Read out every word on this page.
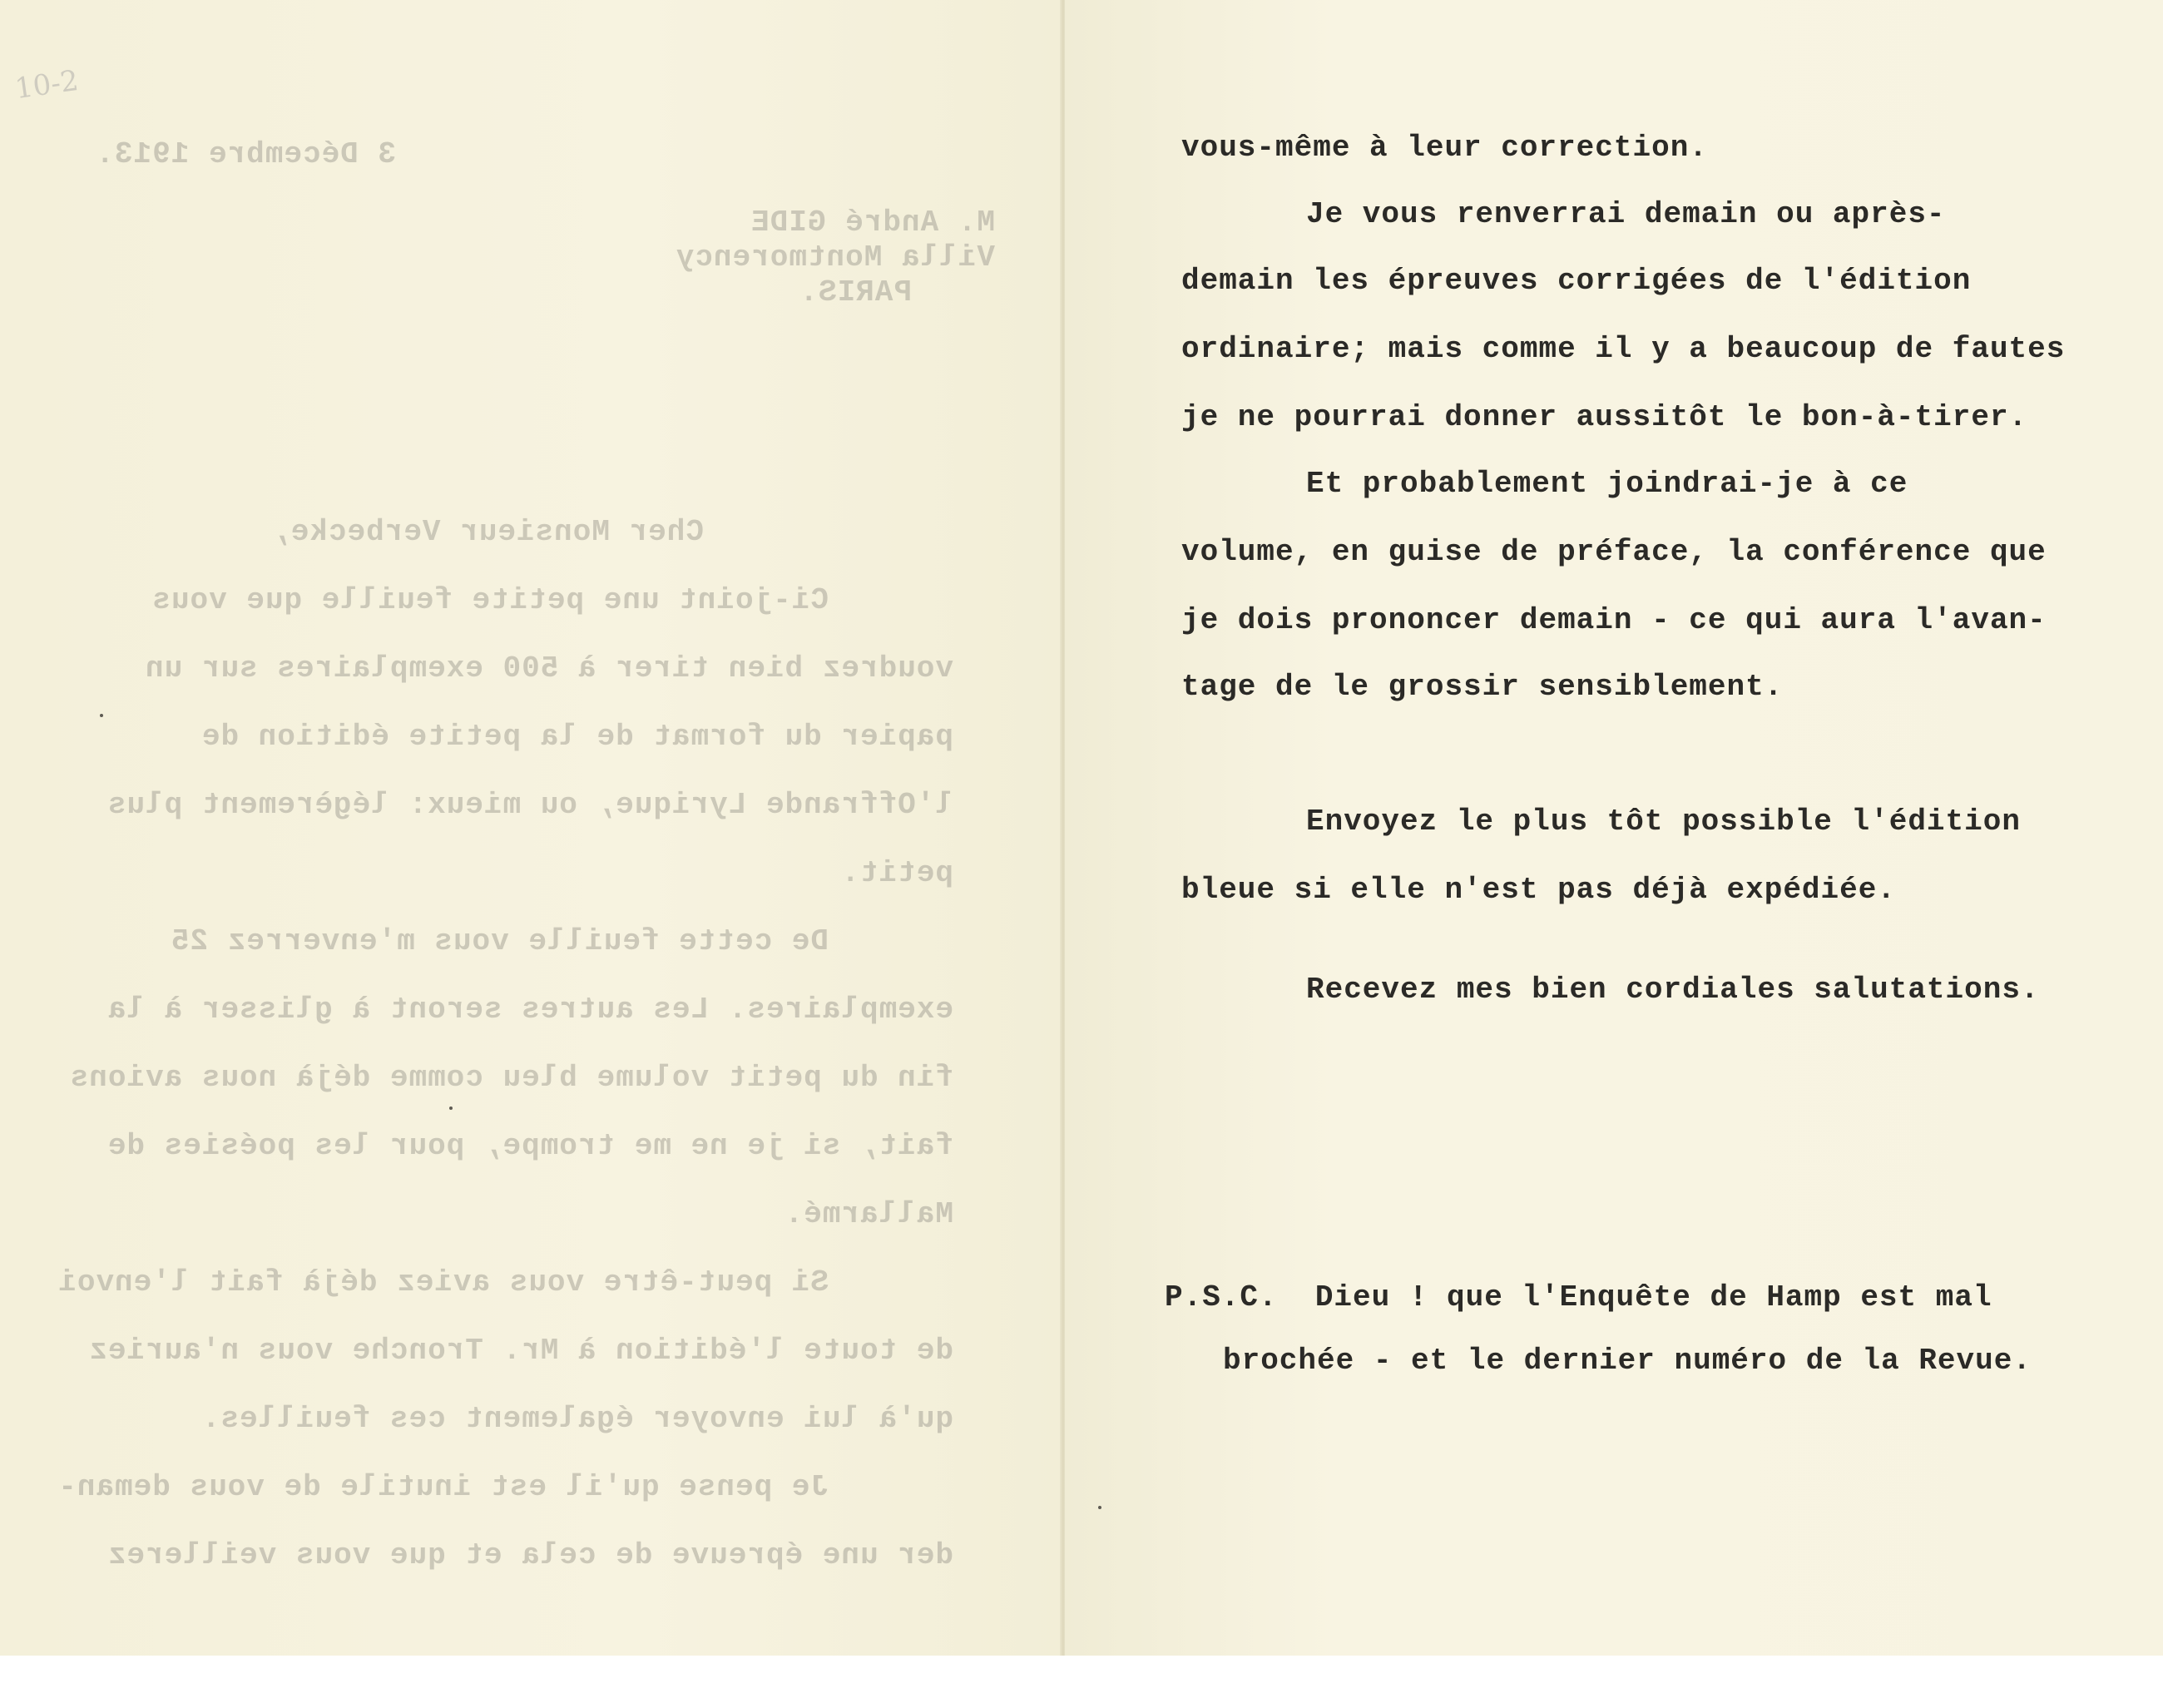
10-2
3 Décembre 1913.
M. André GIDE
Villa Montmorency
PARIS.
Cher Monsieur Verbecke,
Ci-joint une petite feuille que vous
voudrez bien tirer à 500 exemplaires sur un
papier du format de la petite édition de
l'Offrande Lyrique, ou mieux: légèrement plus
petit.
De cette feuille vous m'enverrez 25
exemplaires. Les autres seront à glisser à la
fin du petit volume bleu comme déjà nous avions
fait, si je ne me trompe, pour les poésies de
Mallarmé.
Si peut-être vous aviez déjà fait l'envoi
de toute l'édition à Mr. Tronche vous n'auriez
qu'à lui envoyer également ces feuilles.
Je pense qu'il est inutile de vous deman-
der une épreuve de cela et que vous veillerez
vous-même à leur correction.
Je vous renverrai demain ou après-
demain les épreuves corrigées de l'édition
ordinaire; mais comme il y a beaucoup de fautes
je ne pourrai donner aussitôt le bon-à-tirer.
Et probablement joindrai-je à ce
volume, en guise de préface, la conférence que
je dois prononcer demain - ce qui aura l'avan-
tage de le grossir sensiblement.
Envoyez le plus tôt possible l'édition
bleue si elle n'est pas déjà expédiée.
Recevez mes bien cordiales salutations.
P.S.C.  Dieu ! que l'Enquête de Hamp est mal
brochée - et le dernier numéro de la Revue.
